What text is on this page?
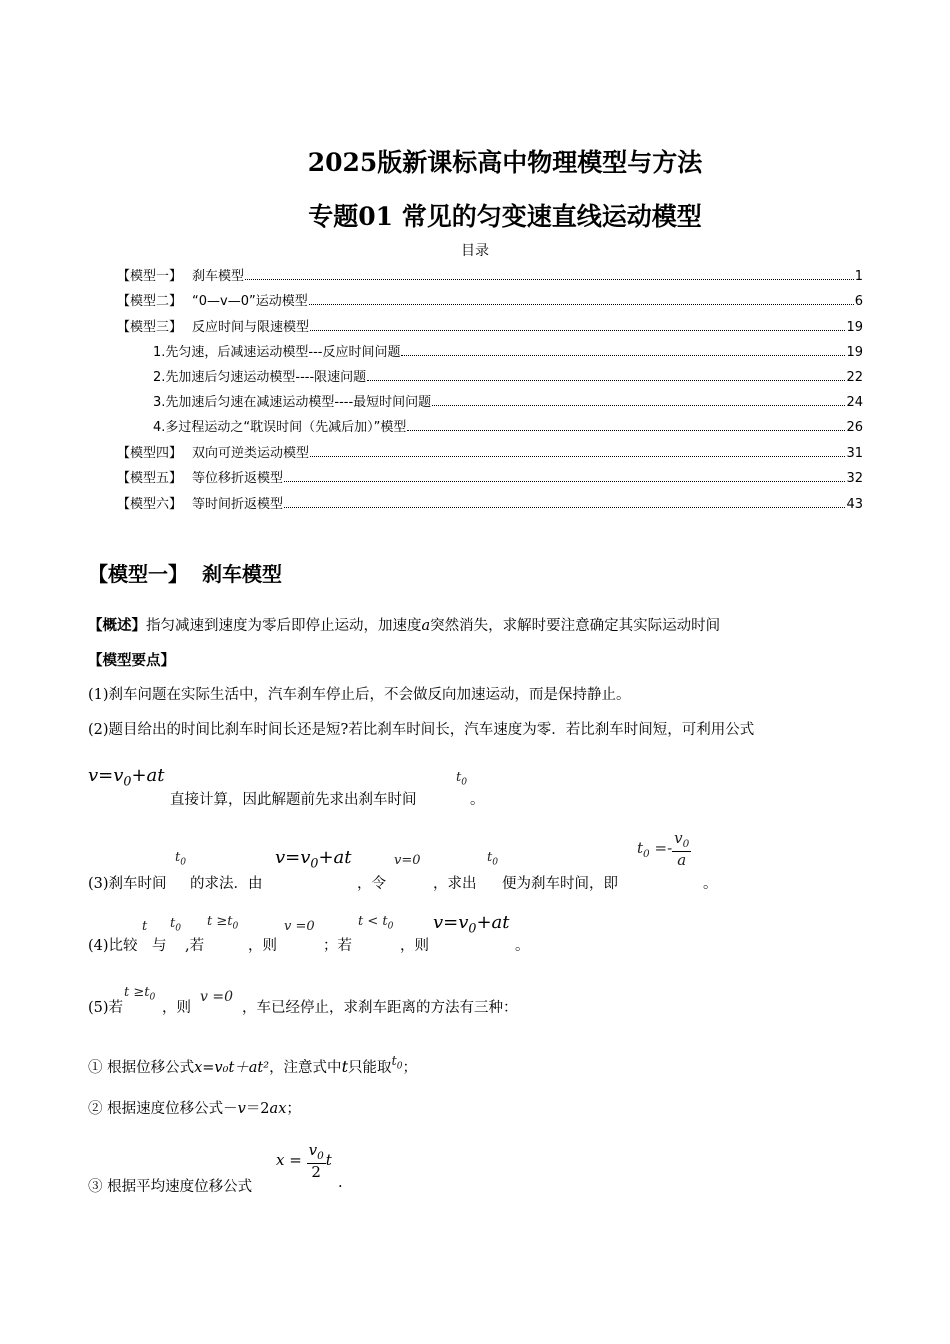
2025版新课标高中物理模型与方法
专题01 常见的匀变速直线运动模型
目录
【模型一】 刹车模型	1
【模型二】 “0—v—0”运动模型	6
【模型三】 反应时间与限速模型	19
1.先匀速，后减速运动模型---反应时间问题	19
2.先加速后匀速运动模型----限速问题	22
3.先加速后匀速在减速运动模型----最短时间问题	24
4.多过程运动之“耽误时间（先减后加）”模型	26
【模型四】 双向可逆类运动模型	31
【模型五】 等位移折返模型	32
【模型六】 等时间折返模型	43
【模型一】 刹车模型
【概述】指匀减速到速度为零后即停止运动，加速度a突然消失，求解时要注意确定其实际运动时间
【模型要点】
(1)刹车问题在实际生活中，汽车刹车停止后，不会做反向加速运动，而是保持静止。
(2)题目给出的时间比刹车时间长还是短?若比刹车时间长，汽车速度为零．若比刹车时间短，可利用公式
$v=v_0+at$
直接计算，因此解题前先求出刹车时间
$t_0$
。
(3)刹车时间
$t_0$
的求法．由
$v=v_0+at$
，令
v=0
，求出
$t_0$
便为刹车时间，即
$t_0 =- \frac{v_0}{a}$
。
(4)比较
t
与
$t_0$
,若
$t \ge t_0$
，则
v =0
；若
$t < t_0$
，则
$v=v_0+at$
。
(5)若
$t \ge t_0$
，则
v =0
，车已经停止，求刹车距离的方法有三种：
① 根据位移公式x=v₀t＋at²，注意式中t只能取$t_0$；
② 根据速度位移公式－v＝2ax；
③ 根据平均速度位移公式
$x = \frac{v_0}{2}$ t
.
